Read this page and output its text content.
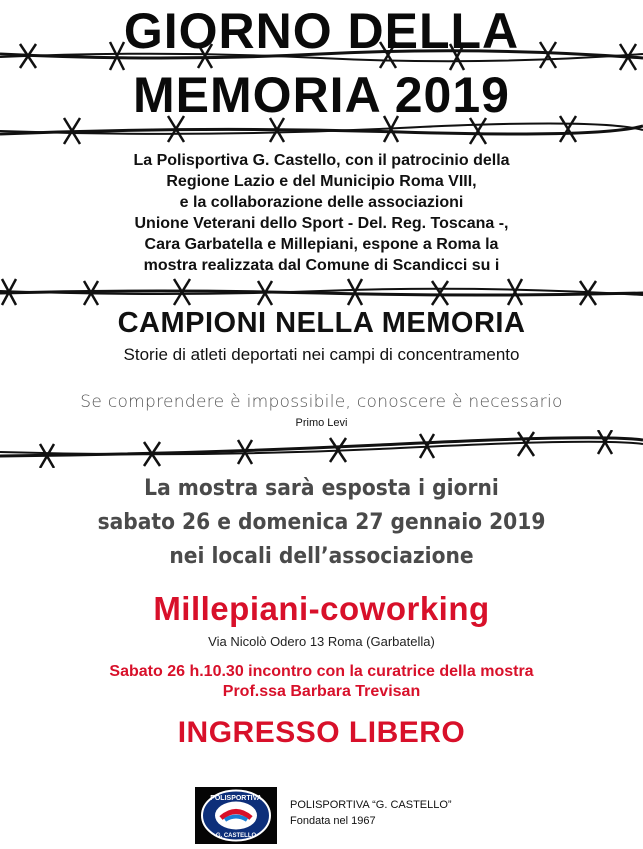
GIORNO DELLA
MEMORIA 2019
La Polisportiva G. Castello, con il patrocinio della
Regione Lazio e del Municipio Roma VIII,
e la collaborazione delle associazioni
Unione Veterani dello Sport - Del. Reg. Toscana -,
Cara Garbatella e Millepiani, espone a Roma la
mostra realizzata dal Comune di Scandicci su i
CAMPIONI NELLA MEMORIA
Storie di atleti deportati nei campi di concentramento
Se comprendere è impossibile, conoscere è necessario
Primo Levi
La mostra sarà esposta i giorni
sabato 26 e domenica 27 gennaio 2019
nei locali dell’associazione
Millepiani-coworking
Via Nicolò Odero 13 Roma (Garbatella)
Sabato 26 h.10.30 incontro con la curatrice della mostra
Prof.ssa Barbara Trevisan
INGRESSO LIBERO
POLISPORTIVA
G. CASTELLO
POLISPORTIVA “G. CASTELLO”
Fondata nel 1967
